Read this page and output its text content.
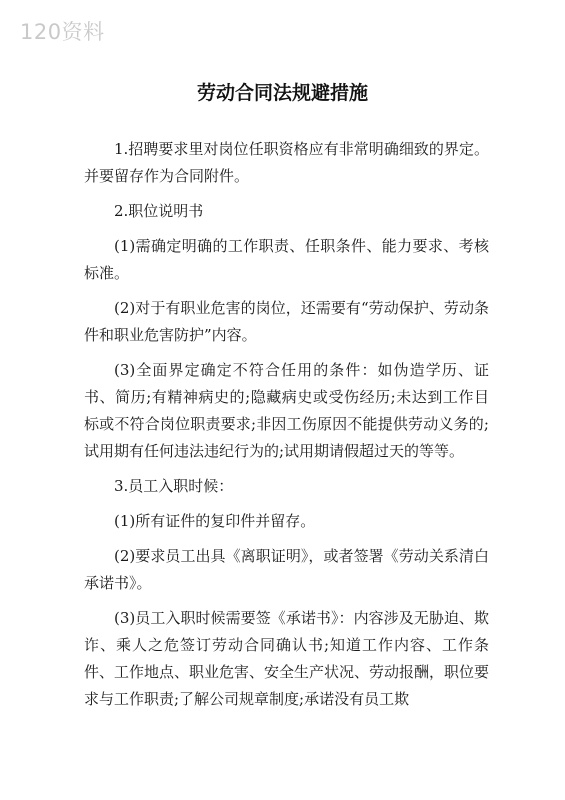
120资料
劳动合同法规避措施

1.招聘要求里对岗位任职资格应有非常明确细致的界定。并要留存作为合同附件。

2.职位说明书

(1)需确定明确的工作职责、任职条件、能力要求、考核标准。

(2)对于有职业危害的岗位，还需要有“劳动保护、劳动条件和职业危害防护”内容。

(3)全面界定确定不符合任用的条件：如伪造学历、证书、简历;有精神病史的;隐藏病史或受伤经历;未达到工作目标或不符合岗位职责要求;非因工伤原因不能提供劳动义务的;试用期有任何违法违纪行为的;试用期请假超过天的等等。

3.员工入职时候：

(1)所有证件的复印件并留存。

(2)要求员工出具《离职证明》，或者签署《劳动关系清白承诺书》。

(3)员工入职时候需要签《承诺书》：内容涉及无胁迫、欺诈、乘人之危签订劳动合同确认书;知道工作内容、工作条件、工作地点、职业危害、安全生产状况、劳动报酬，职位要求与工作职责;了解公司规章制度;承诺没有员工欺
